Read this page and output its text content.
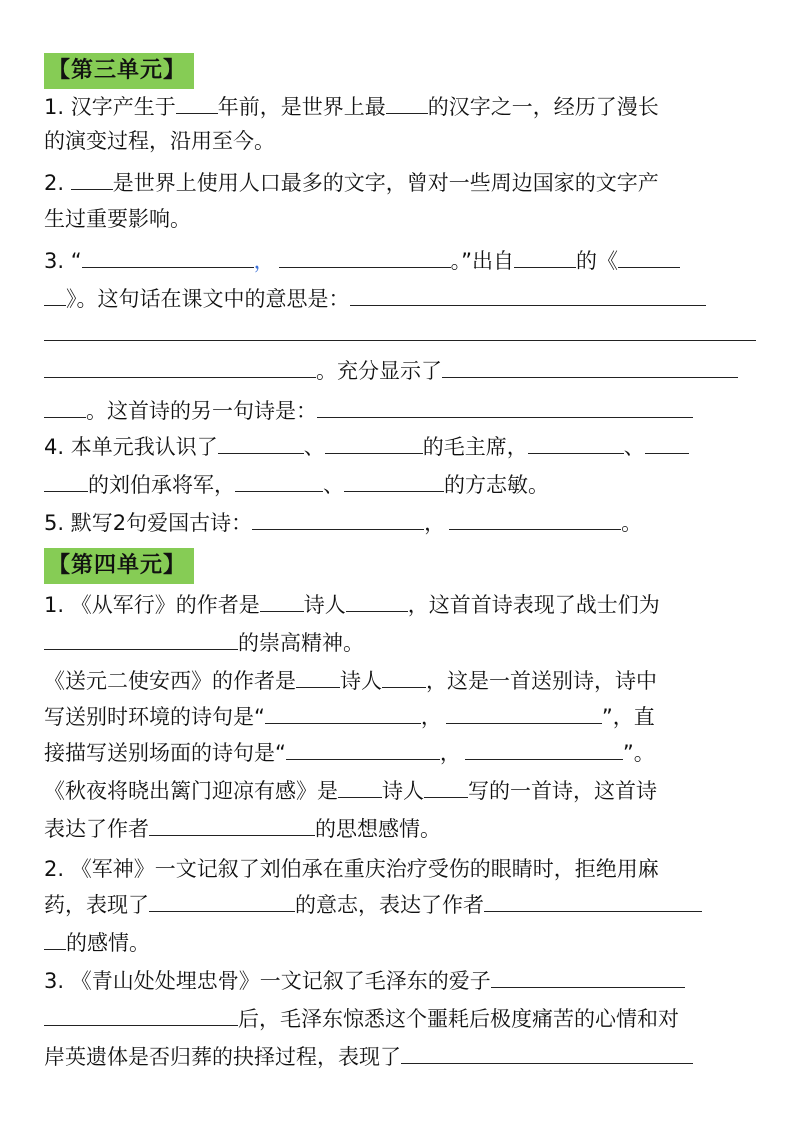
【第三单元】
1. 汉字产生于 年前，是世界上最 的汉字之一，经历了漫长
的演变过程，沿用至今。
2. 是世界上使用人口最多的文字，曾对一些周边国家的文字产
生过重要影响。
3. “	，	。”出自	的《
》。这句话在课文中的意思是：
。充分显示了
。这首诗的另一句诗是：
4. 本单元我认识了	、	的毛主席，	、
的刘伯承将军，	、	的方志敏。
5. 默写2句爱国古诗：	，	。
【第四单元】
1. 《从军行》的作者是 诗人	，这首首诗表现了战士们为
的崇高精神。
《送元二使安西》的作者是 诗人 ，这是一首送别诗，诗中
写送别时环境的诗句是“	，	”，直
接描写送别场面的诗句是“	，	”。
《秋夜将晓出篱门迎凉有感》是 诗人 写的一首诗，这首诗
表达了作者	的思想感情。
2. 《军神》一文记叙了刘伯承在重庆治疗受伤的眼睛时，拒绝用麻
药，表现了	的意志，表达了作者
的感情。
3. 《青山处处埋忠骨》一文记叙了毛泽东的爱子
后，毛泽东惊悉这个噩耗后极度痛苦的心情和对
岸英遗体是否归葬的抉择过程，表现了
